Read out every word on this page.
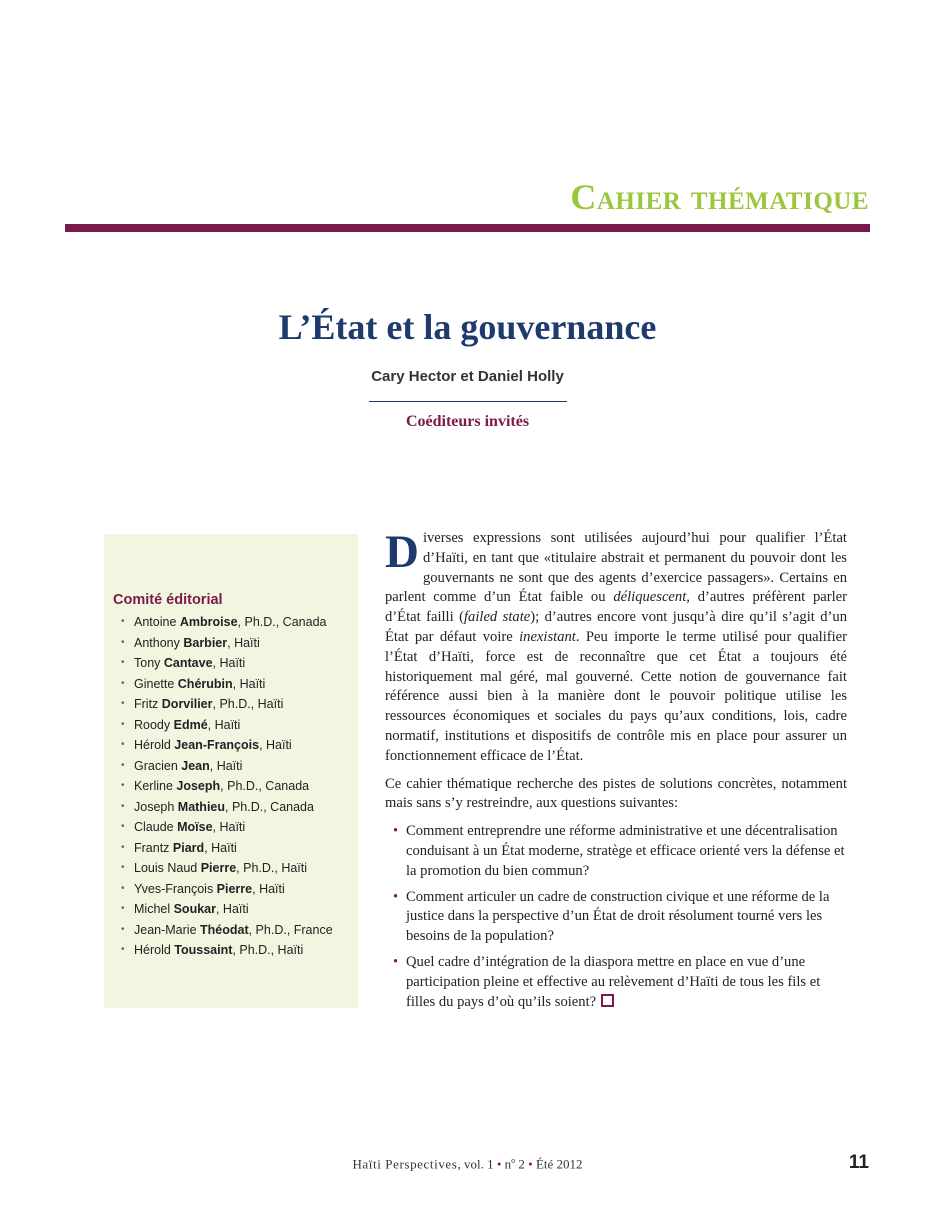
Cahier thématique
L’État et la gouvernance
Cary Hector et Daniel Holly
Coéditeurs invités
Comité éditorial
• Antoine Ambroise, Ph.D., Canada
• Anthony Barbier, Haïti
• Tony Cantave, Haïti
• Ginette Chérubin, Haïti
• Fritz Dorvilier, Ph.D., Haïti
• Roody Edmé, Haïti
• Hérold Jean-François, Haïti
• Gracien Jean, Haïti
• Kerline Joseph, Ph.D., Canada
• Joseph Mathieu, Ph.D., Canada
• Claude Moïse, Haïti
• Frantz Piard, Haïti
• Louis Naud Pierre, Ph.D., Haïti
• Yves-François Pierre, Haïti
• Michel Soukar, Haïti
• Jean-Marie Théodat, Ph.D., France
• Hérold Toussaint, Ph.D., Haïti

Diverses expressions sont utilisées aujourd’hui pour qualifier l’État d’Haïti, en tant que «titulaire abstrait et permanent du pouvoir dont les gouvernants ne sont que des agents d’exercice passagers». Certains en parlent comme d’un État faible ou déliquescent, d’autres préfèrent parler d’État failli (failed state); d’autres encore vont jusqu’à dire qu’il s’agit d’un État par défaut voire inexistant. Peu importe le terme utilisé pour qualifier l’État d’Haïti, force est de reconnaître que cet État a toujours été historiquement mal géré, mal gouverné. Cette notion de gouvernance fait référence aussi bien à la manière dont le pouvoir politique utilise les ressources économiques et sociales du pays qu’aux conditions, lois, cadre normatif, institutions et dispositifs de contrôle mis en place pour assurer un fonctionnement efficace de l’État.

Ce cahier thématique recherche des pistes de solutions concrètes, notamment mais sans s’y restreindre, aux questions suivantes:

• Comment entreprendre une réforme administrative et une décentralisation conduisant à un État moderne, stratège et efficace orienté vers la défense et la promotion du bien commun?
• Comment articuler un cadre de construction civique et une réforme de la justice dans la perspective d’un État de droit résolument tourné vers les besoins de la population?
• Quel cadre d’intégration de la diaspora mettre en place en vue d’une participation pleine et effective au relèvement d’Haïti de tous les fils et filles du pays d’où qu’ils soient?
Haïti Perspectives, vol. 1 • $n^o$ 2 • Été 2012	11
